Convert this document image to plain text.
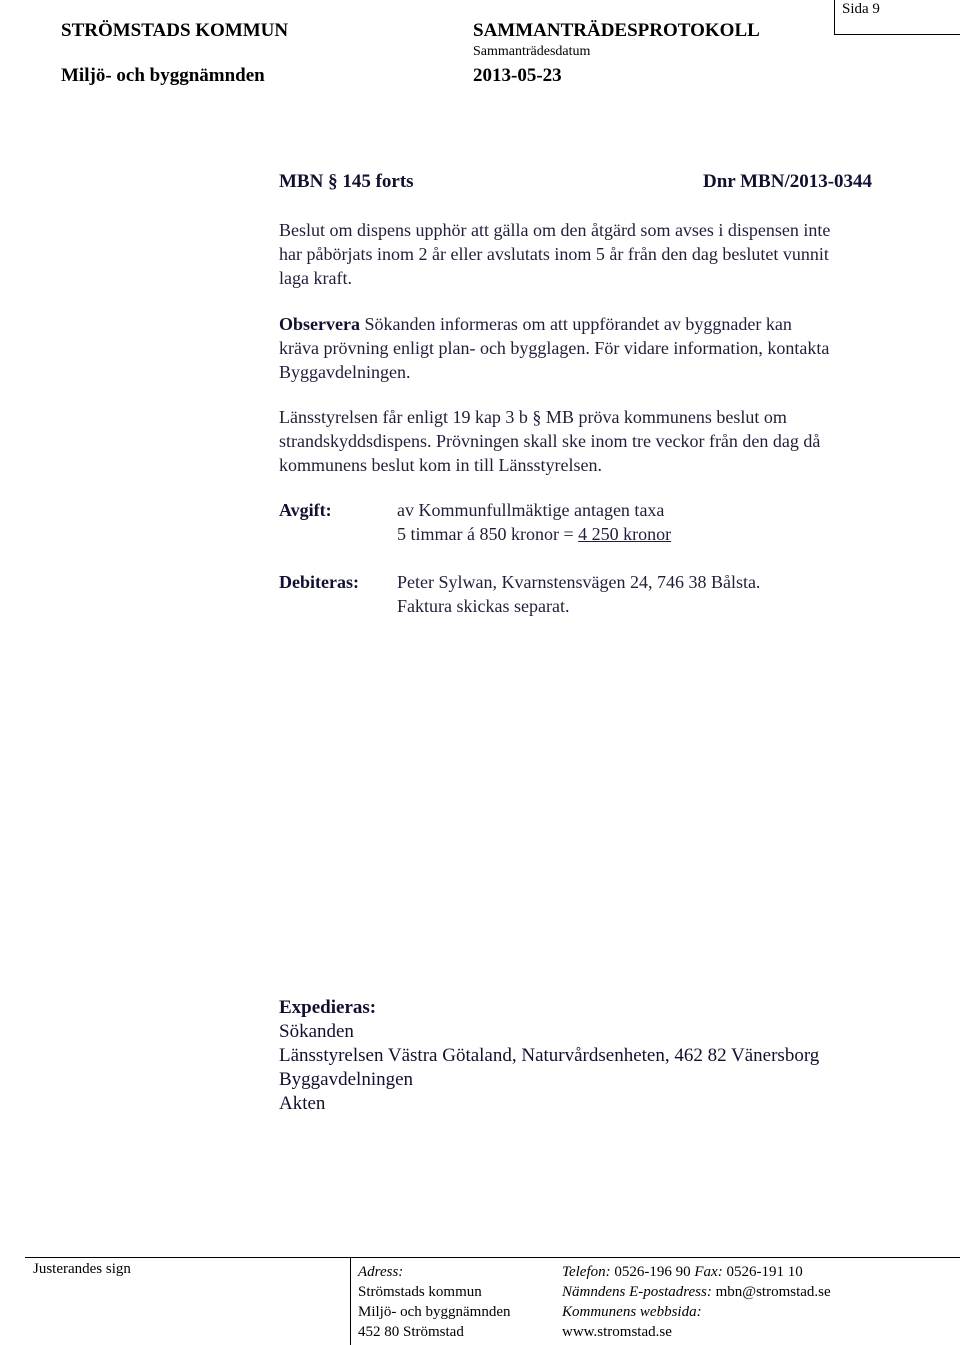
STRÖMSTADS KOMMUN	SAMMANTRÄDESPROTOKOLL
Sida 9
Sammanträdesdatum
Miljö- och byggnämnden	2013-05-23
MBN § 145 forts	Dnr MBN/2013-0344
Beslut om dispens upphör att gälla om den åtgärd som avses i dispensen inte
har påbörjats inom 2 år eller avslutats inom 5 år från den dag beslutet vunnit
laga kraft.
Observera Sökanden informeras om att uppförandet av byggnader kan
kräva prövning enligt plan- och bygglagen. För vidare information, kontakta
Byggavdelningen.
Länsstyrelsen får enligt 19 kap 3 b § MB pröva kommunens beslut om
strandskyddsdispens. Prövningen skall ske inom tre veckor från den dag då
kommunens beslut kom in till Länsstyrelsen.
Avgift:	av Kommunfullmäktige antagen taxa
5 timmar á 850 kronor = 4 250 kronor
Debiteras: Peter Sylwan, Kvarnstensvägen 24, 746 38 Bålsta.
Faktura skickas separat.
Expedieras:
Sökanden
Länsstyrelsen Västra Götaland, Naturvårdsenheten, 462 82 Vänersborg
Byggavdelningen
Akten
Justerandes sign	Adress:
Strömstads kommun
Miljö- och byggnämnden
452 80 Strömstad
Telefon: 0526-196 90 Fax: 0526-191 10
Nämndens E-postadress: mbn@stromstad.se
Kommunens webbsida:
www.stromstad.se
